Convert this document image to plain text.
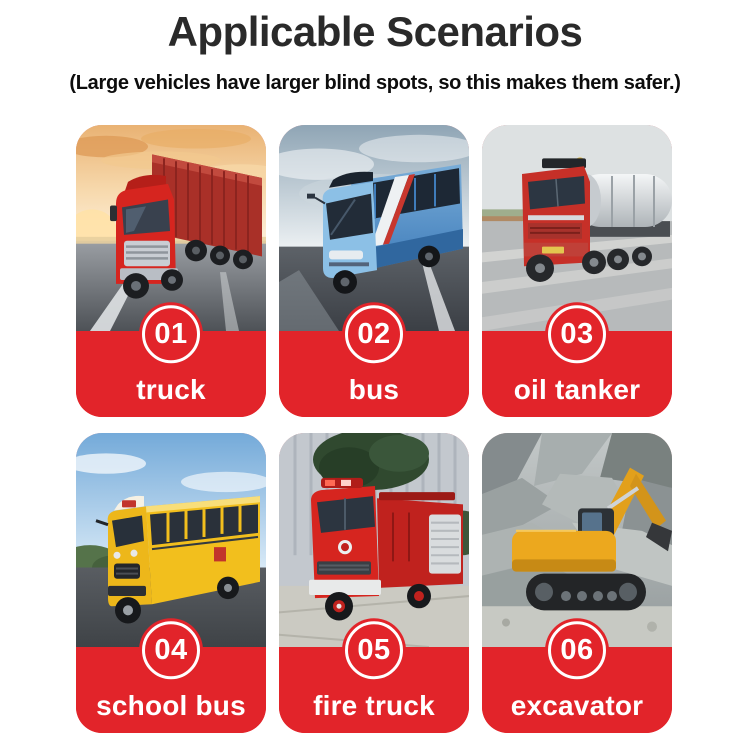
Applicable Scenarios
(Large vehicles have larger blind spots, so this makes them safer.)
01
truck
02
bus
03
oil tanker
04
school bus
05
fire truck
06
excavator
